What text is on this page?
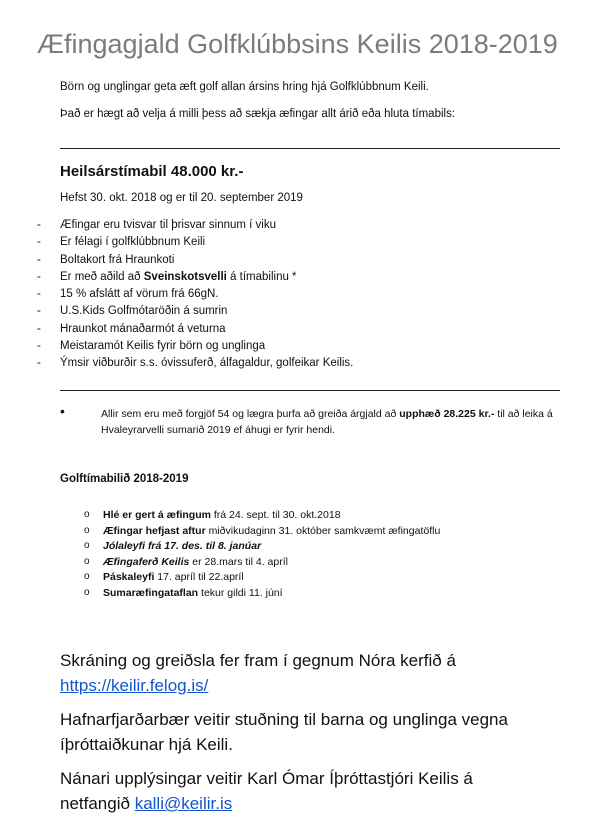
Æfingagjald Golfklúbbsins Keilis 2018-2019
Börn og unglingar geta æft golf allan ársins hring hjá Golfklúbbnum Keili.
Það er hægt að velja á milli þess að sækja æfingar allt árið eða hluta tímabils:
Heilsárstímabil 48.000 kr.-
Hefst 30. okt. 2018 og er til 20. september 2019
- Æfingar eru tvisvar til þrisvar sinnum í viku
- Er félagi í golfklúbbnum Keili
- Boltakort frá Hraunkoti
- Er með aðild að Sveinskotsvelli á tímabilinu *
- 15 % afslátt af vörum frá 66gN.
- U.S.Kids Golfmótaröðin á sumrin
- Hraunkot mánaðarmót á veturna
- Meistaramót Keilis fyrir börn og unglinga
- Ýmsir viðburðir s.s. óvissuferð, álfagaldur, golfeikar Keilis.
•	Allir sem eru með forgjöf 54 og lægra þurfa að greiða árgjald að upphæð 28.225 kr.- til að leika á Hvaleyrarvelli sumarið 2019 ef áhugi er fyrir hendi.
Golftímabilið 2018-2019
o Hlé er gert á æfingum frá 24. sept. til 30. okt.2018
o Æfingar hefjast aftur miðvikudaginn 31. október samkvæmt æfingatöflu
o Jólaleyfi frá 17. des. til 8. janúar
o Æfingaferð Keilis er 28.mars til 4. apríl
o Páskaleyfi 17. apríl til 22.apríl
o Sumaræfingataflan tekur gildi 11. júní
Skráning og greiðsla fer fram í gegnum Nóra kerfið á
https://keilir.felog.is/
Hafnarfjarðarbær veitir stuðning til barna og unglinga vegna
íþróttaiðkunar hjá Keili.
Nánari upplýsingar veitir Karl Ómar Íþróttastjóri Keilis á
netfangið kalli@keilir.is
